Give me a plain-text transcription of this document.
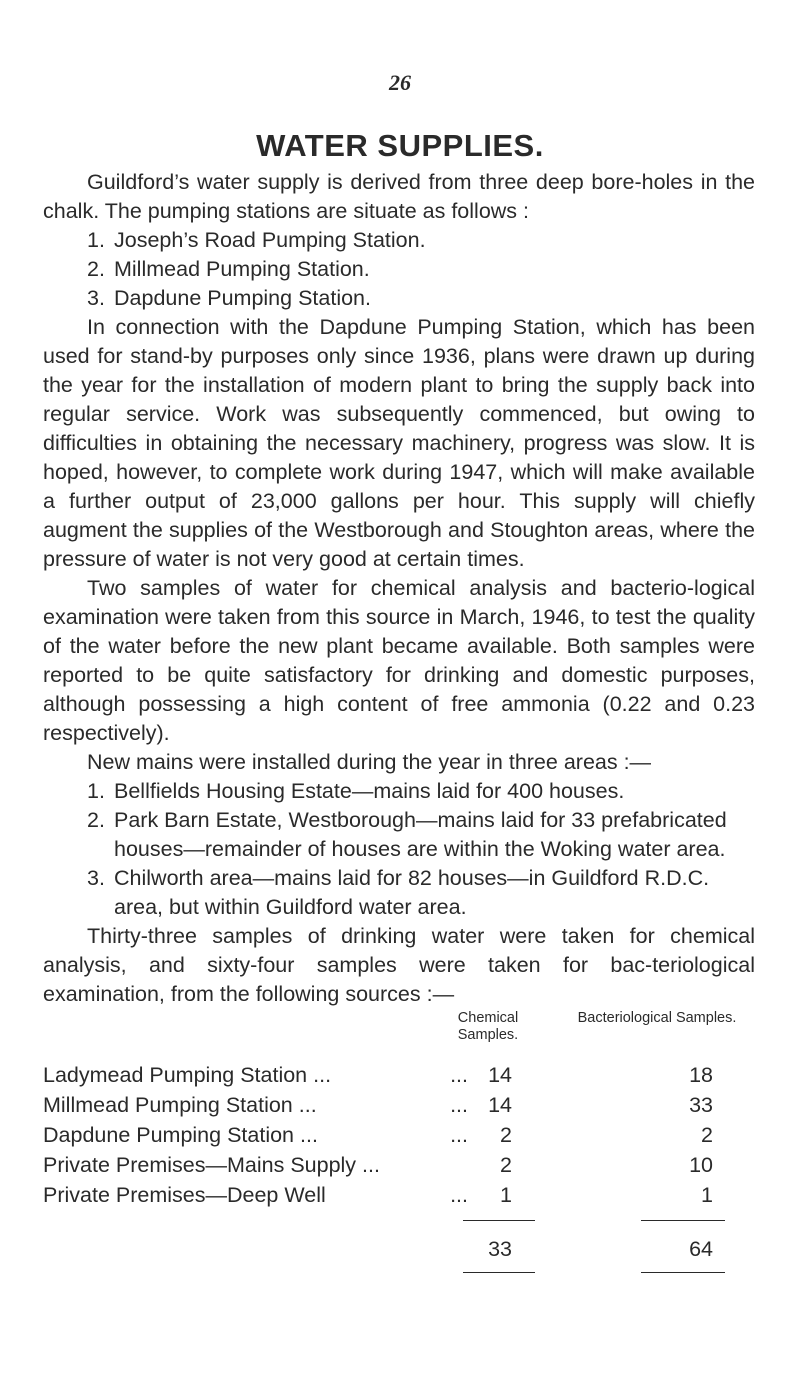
26
WATER SUPPLIES.

Guildford’s water supply is derived from three deep bore-holes in the chalk. The pumping stations are situate as follows :

1. Joseph’s Road Pumping Station.
2. Millmead Pumping Station.
3. Dapdune Pumping Station.

In connection with the Dapdune Pumping Station, which has been used for stand-by purposes only since 1936, plans were drawn up during the year for the installation of modern plant to bring the supply back into regular service. Work was subsequently commenced, but owing to difficulties in obtaining the necessary machinery, progress was slow. It is hoped, however, to complete work during 1947, which will make available a further output of 23,000 gallons per hour. This supply will chiefly augment the supplies of the Westborough and Stoughton areas, where the pressure of water is not very good at certain times.

Two samples of water for chemical analysis and bacterio-logical examination were taken from this source in March, 1946, to test the quality of the water before the new plant became available. Both samples were reported to be quite satisfactory for drinking and domestic purposes, although possessing a high content of free ammonia (0.22 and 0.23 respectively).

New mains were installed during the year in three areas :—

1. Bellfields Housing Estate—mains laid for 400 houses.
2. Park Barn Estate, Westborough—mains laid for 33 prefabricated houses—remainder of houses are within the Woking water area.
3. Chilworth area—mains laid for 82 houses—in Guildford R.D.C. area, but within Guildford water area.

Thirty-three samples of drinking water were taken for chemical analysis, and sixty-four samples were taken for bac-teriological examination, from the following sources :—

Chemical Samples.
Bacteriological Samples.
Ladymead Pumping Station ...	... 14	18
Millmead Pumping Station ...	... 14	33
Dapdune Pumping Station ...	...	2	2
Private Premises—Mains Supply ...	2	10
Private Premises—Deep Well	...	1	1
33	64
